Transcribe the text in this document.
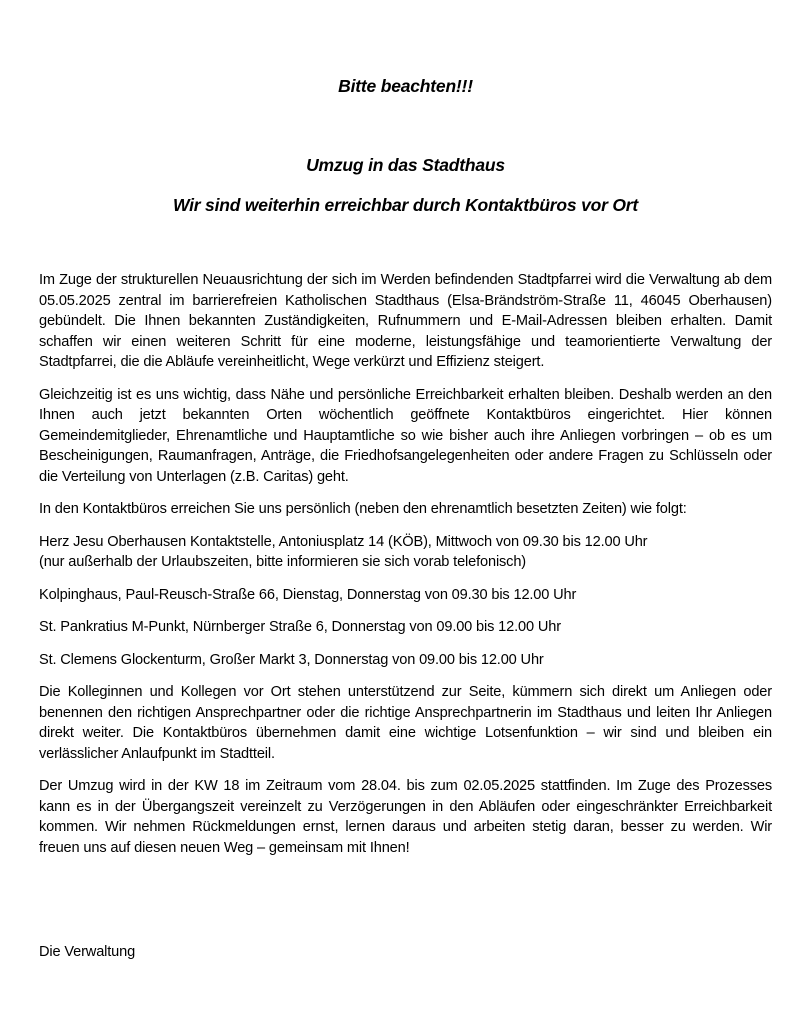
Bitte beachten!!!
Umzug in das Stadthaus
Wir sind weiterhin erreichbar durch Kontaktbüros vor Ort

Im Zuge der strukturellen Neuausrichtung der sich im Werden befindenden Stadtpfarrei wird die Verwaltung ab dem 05.05.2025 zentral im barrierefreien Katholischen Stadthaus (Elsa-Brändström-Straße 11, 46045 Oberhausen) gebündelt. Die Ihnen bekannten Zuständigkeiten, Rufnummern und E-Mail-Adressen bleiben erhalten. Damit schaffen wir einen weiteren Schritt für eine moderne, leistungsfähige und teamorientierte Verwaltung der Stadtpfarrei, die die Abläufe vereinheitlicht, Wege verkürzt und Effizienz steigert.

Gleichzeitig ist es uns wichtig, dass Nähe und persönliche Erreichbarkeit erhalten bleiben. Deshalb werden an den Ihnen auch jetzt bekannten Orten wöchentlich geöffnete Kontaktbüros eingerichtet. Hier können Gemeindemitglieder, Ehrenamtliche und Hauptamtliche so wie bisher auch ihre Anliegen vorbringen – ob es um Bescheinigungen, Raumanfragen, Anträge, die Friedhofsangelegenheiten oder andere Fragen zu Schlüsseln oder die Verteilung von Unterlagen (z.B. Caritas) geht.

In den Kontaktbüros erreichen Sie uns persönlich (neben den ehrenamtlich besetzten Zeiten) wie folgt:

Herz Jesu Oberhausen Kontaktstelle, Antoniusplatz 14 (KÖB), Mittwoch von 09.30 bis 12.00 Uhr
(nur außerhalb der Urlaubszeiten, bitte informieren sie sich vorab telefonisch)

Kolpinghaus, Paul-Reusch-Straße 66, Dienstag, Donnerstag von 09.30 bis 12.00 Uhr

St. Pankratius M-Punkt, Nürnberger Straße 6, Donnerstag von 09.00 bis 12.00 Uhr

St. Clemens Glockenturm, Großer Markt 3, Donnerstag von 09.00 bis 12.00 Uhr

Die Kolleginnen und Kollegen vor Ort stehen unterstützend zur Seite, kümmern sich direkt um Anliegen oder benennen den richtigen Ansprechpartner oder die richtige Ansprechpartnerin im Stadthaus und leiten Ihr Anliegen direkt weiter. Die Kontaktbüros übernehmen damit eine wichtige Lotsenfunktion – wir sind und bleiben ein verlässlicher Anlaufpunkt im Stadtteil.

Der Umzug wird in der KW 18 im Zeitraum vom 28.04. bis zum 02.05.2025 stattfinden. Im Zuge des Prozesses kann es in der Übergangszeit vereinzelt zu Verzögerungen in den Abläufen oder eingeschränkter Erreichbarkeit kommen. Wir nehmen Rückmeldungen ernst, lernen daraus und arbeiten stetig daran, besser zu werden. Wir freuen uns auf diesen neuen Weg – gemeinsam mit Ihnen!

Die Verwaltung
